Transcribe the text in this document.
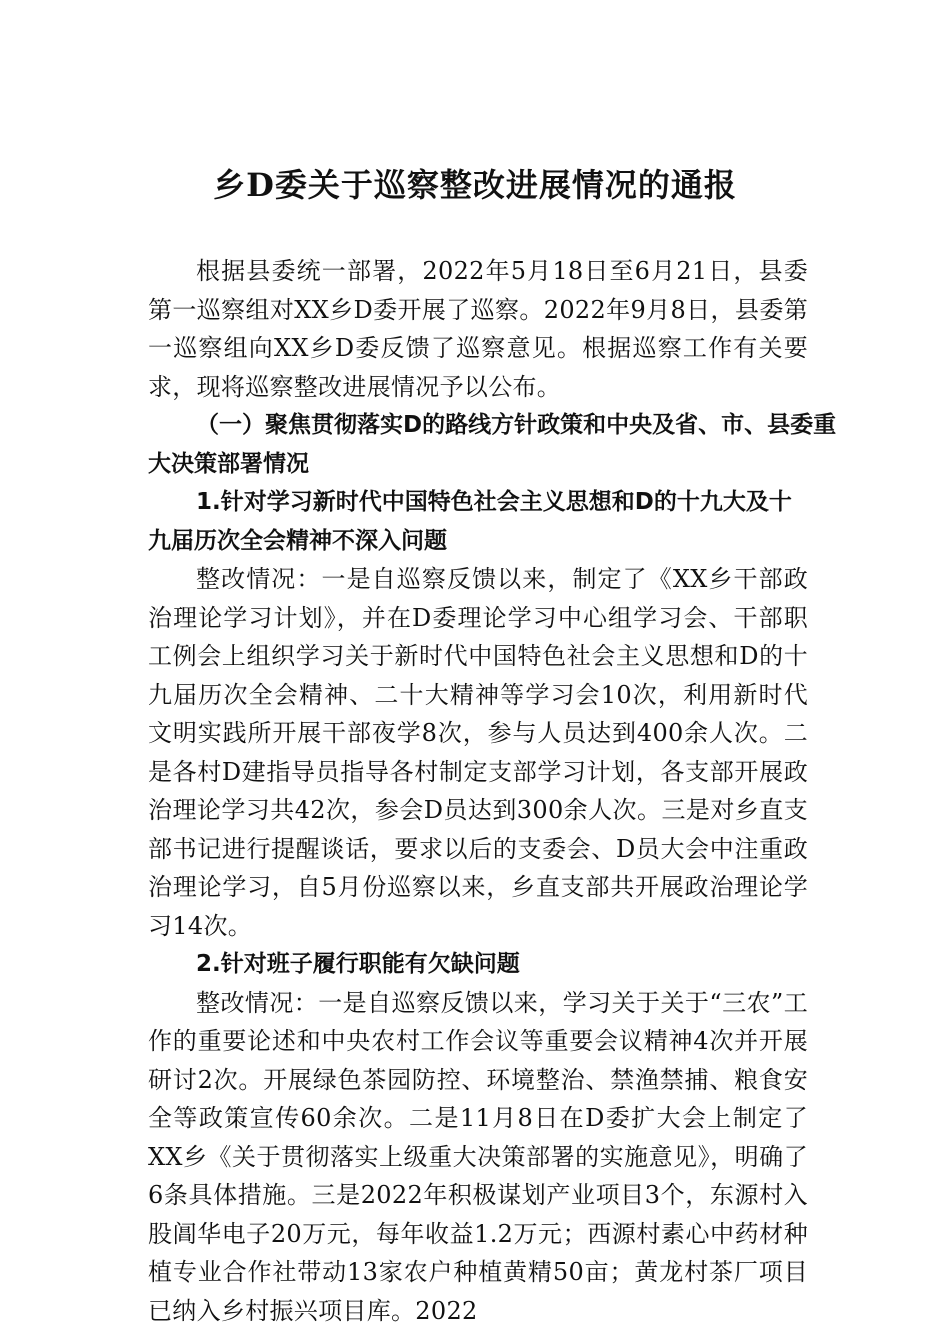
乡D委关于巡察整改进展情况的通报

根据县委统一部署，2022年5月18日至6月21日，县委第一巡察组对XX乡D委开展了巡察。2022年9月8日，县委第一巡察组向XX乡D委反馈了巡察意见。根据巡察工作有关要求，现将巡察整改进展情况予以公布。

（一）聚焦贯彻落实D的路线方针政策和中央及省、市、县委重大决策部署情况

1.针对学习新时代中国特色社会主义思想和D的十九大及十九届历次全会精神不深入问题

整改情况：一是自巡察反馈以来，制定了《XX乡干部政治理论学习计划》，并在D委理论学习中心组学习会、干部职工例会上组织学习关于新时代中国特色社会主义思想和D的十九届历次全会精神、二十大精神等学习会10次，利用新时代文明实践所开展干部夜学8次，参与人员达到400余人次。二是各村D建指导员指导各村制定支部学习计划，各支部开展政治理论学习共42次，参会D员达到300余人次。三是对乡直支部书记进行提醒谈话，要求以后的支委会、D员大会中注重政治理论学习，自5月份巡察以来，乡直支部共开展政治理论学习14次。

2.针对班子履行职能有欠缺问题

整改情况：一是自巡察反馈以来，学习关于关于“三农”工作的重要论述和中央农村工作会议等重要会议精神4次并开展研讨2次。开展绿色茶园防控、环境整治、禁渔禁捕、粮食安全等政策宣传60余次。二是11月8日在D委扩大会上制定了XX乡《关于贯彻落实上级重大决策部署的实施意见》，明确了6条具体措施。三是2022年积极谋划产业项目3个，东源村入股阊华电子20万元，每年收益1.2万元；西源村素心中药材种植专业合作社带动13家农户种植黄精50亩；黄龙村茶厂项目已纳入乡村振兴项目库。2022
